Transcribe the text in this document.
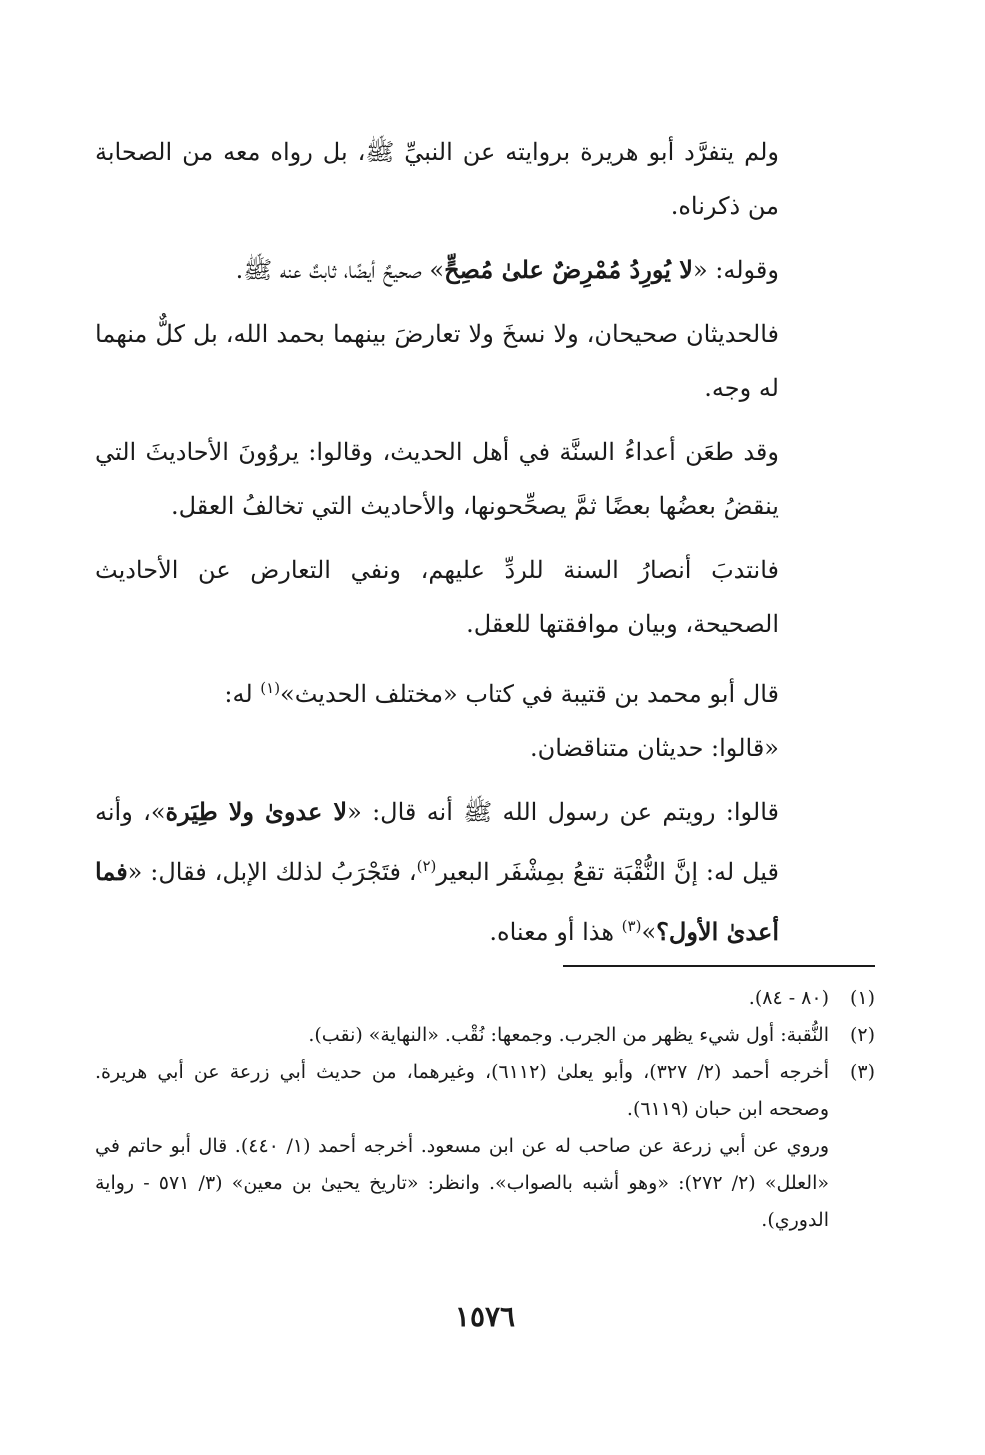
ولم يتفرَّد أبو هريرة بروايته عن النبيِّ ﷺ، بل رواه معه من الصحابة من ذكرناه.

وقوله: «لا يُورِدُ مُمْرِضٌ علىٰ مُصِحٍّ» صحيحٌ أيضًا، ثابتٌ عنه ﷺ.

فالحديثان صحيحان، ولا نسخَ ولا تعارضَ بينهما بحمد الله، بل كلٌّ منهما له وجه.

وقد طعَن أعداءُ السنَّة في أهل الحديث، وقالوا: يروُونَ الأحاديثَ التي ينقضُ بعضُها بعضًا ثمَّ يصحِّحونها، والأحاديث التي تخالفُ العقل.

فانتدبَ أنصارُ السنة للردِّ عليهم، ونفي التعارض عن الأحاديث الصحيحة، وبيان موافقتها للعقل.

قال أبو محمد بن قتيبة في كتاب «مختلف الحديث»$^{(١)}$ له:

«قالوا: حديثان متناقضان.

قالوا: رويتم عن رسول الله ﷺ أنه قال: «لا عدوىٰ ولا طِيَرة»، وأنه قيل له: إنَّ النُّقْبَة تقعُ بمِشْفَر البعير$^{(٢)}$، فتَجْرَبُ لذلك الإبل، فقال: «فما أعدىٰ الأول؟»$^{(٣)}$ هذا أو معناه.

(١)
(٨٠ - ٨٤).
(٢)
النُّقبة: أول شيء يظهر من الجرب. وجمعها: نُقْب. «النهاية» (نقب).
(٣)
أخرجه أحمد (٢/ ٣٢٧)، وأبو يعلىٰ (٦١١٢)، وغيرهما، من حديث أبي زرعة عن أبي هريرة. وصححه ابن حبان (٦١١٩).
وروي عن أبي زرعة عن صاحب له عن ابن مسعود. أخرجه أحمد (١/ ٤٤٠). قال أبو حاتم في «العلل» (٢/ ٢٧٢): «وهو أشبه بالصواب». وانظر: «تاريخ يحيىٰ بن معين» (٣/ ٥٧١ - رواية الدوري).
١٥٧٦
